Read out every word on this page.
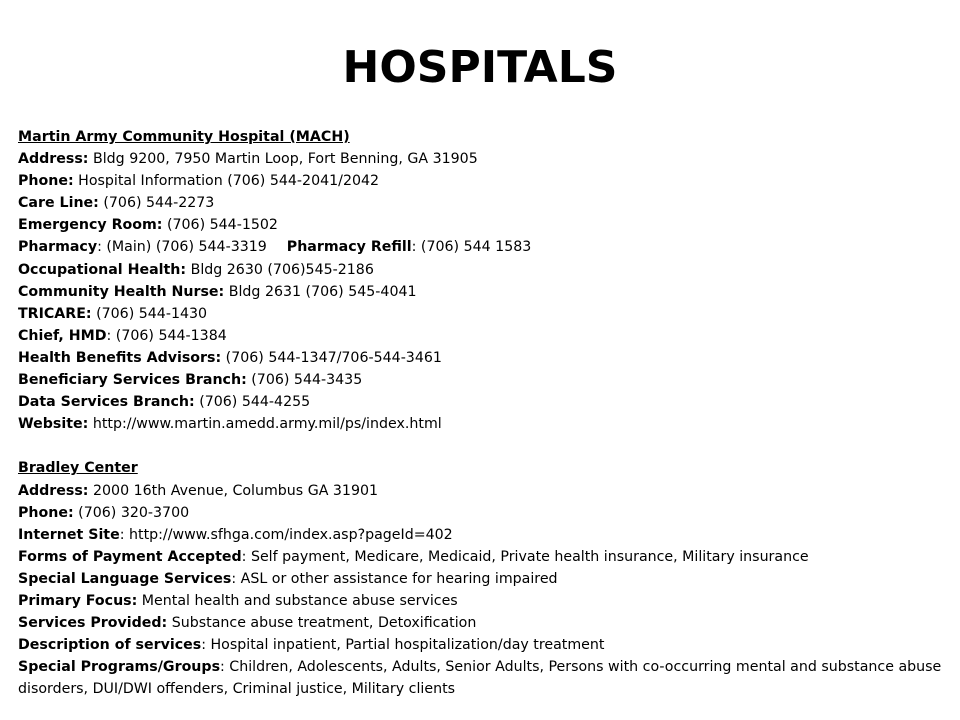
HOSPITALS
Martin Army Community Hospital (MACH)
Address: Bldg 9200, 7950 Martin Loop, Fort Benning, GA 31905
Phone: Hospital Information (706) 544-2041/2042
Care Line: (706) 544-2273
Emergency Room: (706) 544-1502
Pharmacy: (Main) (706) 544-3319 Pharmacy Refill: (706) 544 1583
Occupational Health: Bldg 2630 (706)545-2186
Community Health Nurse: Bldg 2631 (706) 545-4041
TRICARE: (706) 544-1430
Chief, HMD: (706) 544-1384
Health Benefits Advisors: (706) 544-1347/706-544-3461
Beneficiary Services Branch: (706) 544-3435
Data Services Branch: (706) 544-4255
Website: http://www.martin.amedd.army.mil/ps/index.html
Bradley Center
Address: 2000 16th Avenue, Columbus GA 31901
Phone: (706) 320-3700
Internet Site: http://www.sfhga.com/index.asp?pageId=402
Forms of Payment Accepted: Self payment, Medicare, Medicaid, Private health insurance, Military insurance
Special Language Services: ASL or other assistance for hearing impaired
Primary Focus: Mental health and substance abuse services
Services Provided: Substance abuse treatment, Detoxification
Description of services: Hospital inpatient, Partial hospitalization/day treatment
Special Programs/Groups: Children, Adolescents, Adults, Senior Adults, Persons with co-occurring mental and substance abuse disorders, DUI/DWI offenders, Criminal justice, Military clients
